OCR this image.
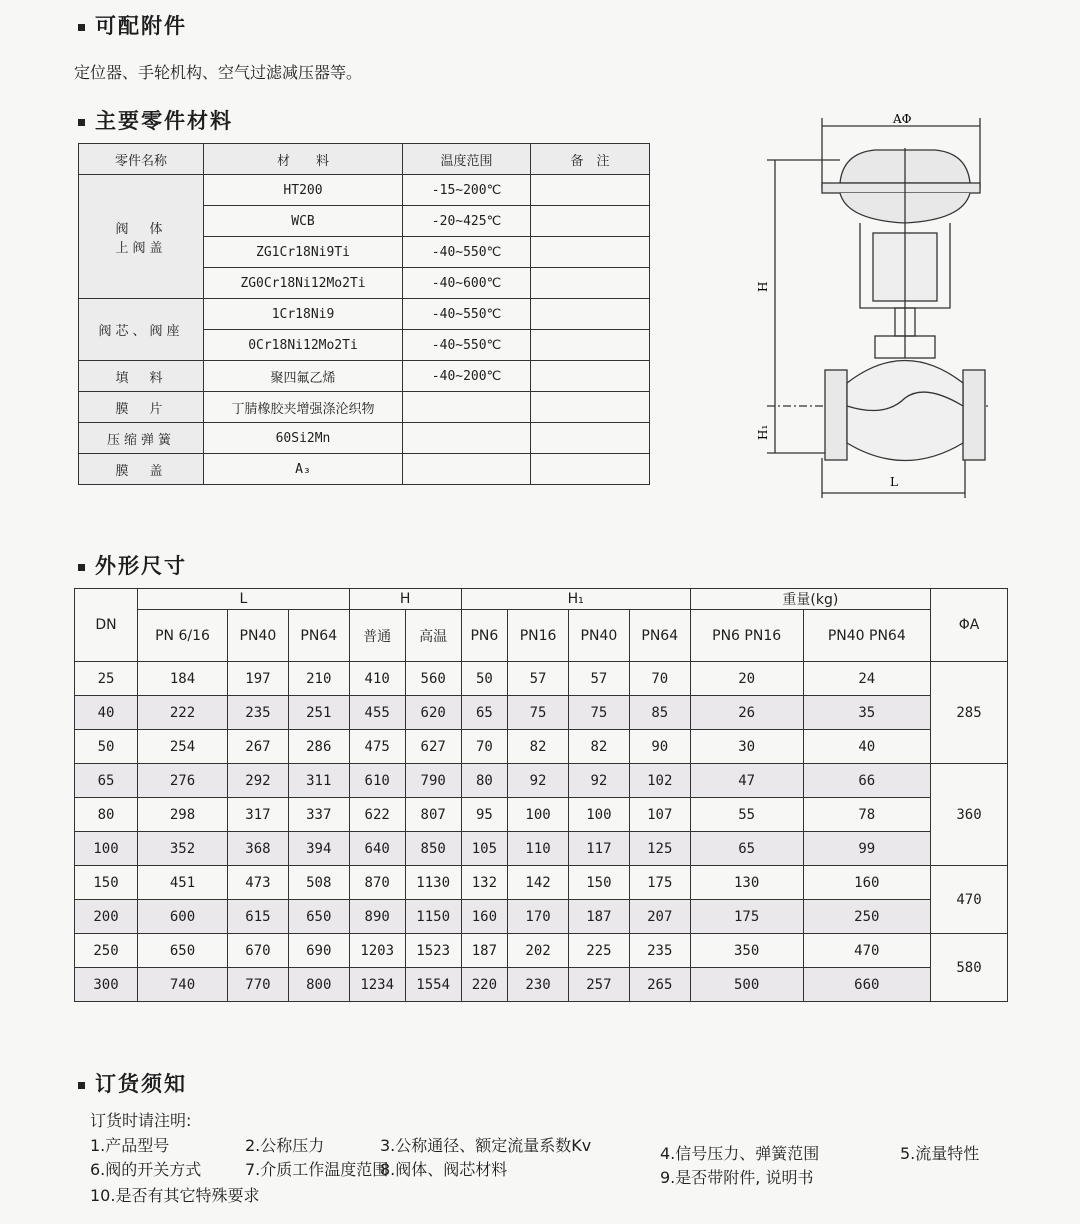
可配附件
定位器、手轮机构、空气过滤减压器等。
主要零件材料
零件名称	材　　料	温度范围	备　注
阀　体
上阀盖	HT200	-15~200℃	
	WCB	-20~425℃	
	ZG1Cr18Ni9Ti	-40~550℃	
	ZG0Cr18Ni12Mo2Ti	-40~600℃	
阀芯、阀座	1Cr18Ni9	-40~550℃	
	0Cr18Ni12Mo2Ti	-40~550℃	
填　料	聚四氟乙烯	-40~200℃	
膜　片	丁腈橡胶夹增强涤沦织物		
压缩弹簧	60Si2Mn		
膜　盖	A₃		
AΦ
H
H₁
L
外形尺寸
DN	L			H		H₁				重量(kg)		ΦA
	PN 6/16	PN40	PN64	普通	高温	PN6	PN16	PN40	PN64	PN6 PN16	PN40 PN64	
25	184	197	210	410	560	50	57	57	70	20	24	285
40	222	235	251	455	620	65	75	75	85	26	35	
50	254	267	286	475	627	70	82	82	90	30	40	
65	276	292	311	610	790	80	92	92	102	47	66	360
80	298	317	337	622	807	95	100	100	107	55	78	
100	352	368	394	640	850	105	110	117	125	65	99	
150	451	473	508	870	1130	132	142	150	175	130	160	470
200	600	615	650	890	1150	160	170	187	207	175	250	
250	650	670	690	1203	1523	187	202	225	235	350	470	580
300	740	770	800	1234	1554	220	230	257	265	500	660	
订货须知
订货时请注明:
1.产品型号	2.公称压力	3.公称通径、额定流量系数Kv	4.信号压力、弹簧范围	5.流量特性
6.阀的开关方式	7.介质工作温度范围
8.阀体、阀芯材料	9.是否带附件, 说明书
10.是否有其它特殊要求
